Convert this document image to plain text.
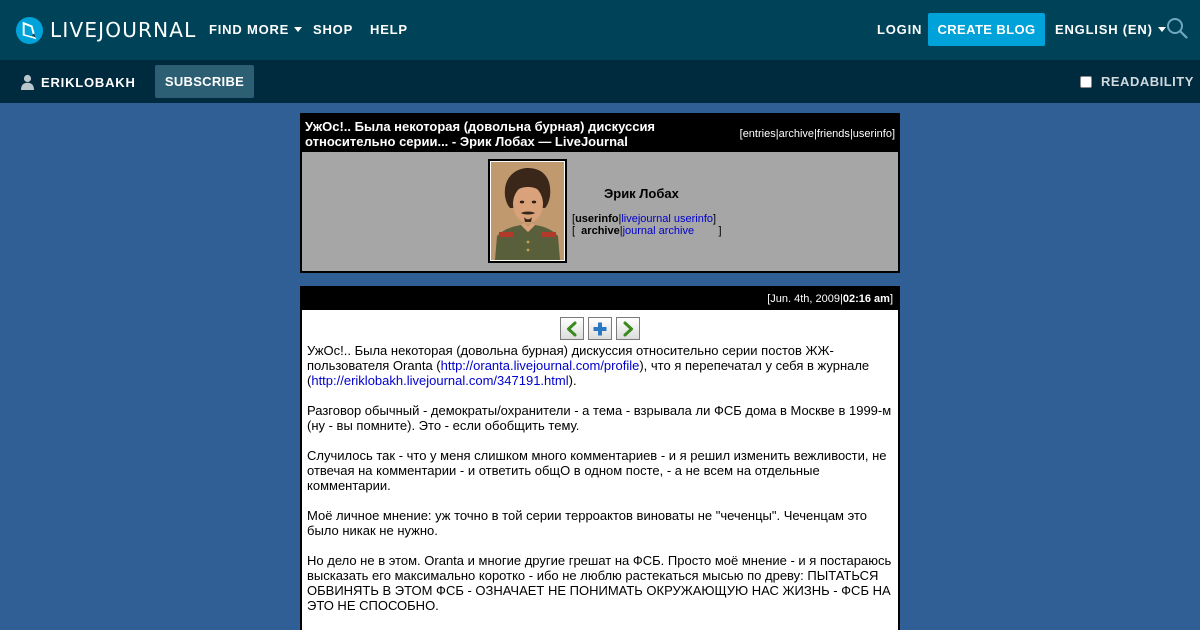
LIVEJOURNAL FIND MORE	SHOP HELP	LOGIN	CREATE BLOG	ENGLISH (EN)
ERIKLOBAKH	SUBSCRIBE	READABILITY
УжОс!.. Была некоторая (довольна бурная) дискуссия относительно серии... - Эрик Лобах — LiveJournal	[entries|archive|friends|userinfo]
Эрик Лобах
[userinfo|livejournal userinfo]
[  archive|journal archive        ]
[Jun. 4th, 2009|02:16 am]

УжОс!.. Была некоторая (довольна бурная) дискуссия относительно серии постов ЖЖ-пользователя Oranta (http://oranta.livejournal.com/profile), что я перепечатал у себя в журнале (http://eriklobakh.livejournal.com/347191.html).

Разговор обычный - демократы/охранители - а тема - взрывала ли ФСБ дома в Москве в 1999-м (ну - вы помните). Это - если обобщить тему.

Случилось так - что у меня слишком много комментариев - и я решил изменить вежливости, не отвечая на комментарии - и ответить общО в одном посте, - а не всем на отдельные комментарии.

Моё личное мнение: уж точно в той серии терроактов виноваты не "чеченцы". Чеченцам это было никак не нужно.

Но дело не в этом. Oranta и многие другие грешат на ФСБ. Просто моё мнение - и я постараюсь высказать его максимально коротко - ибо не люблю растекаться мысью по древу: ПЫТАТЬСЯ ОБВИНЯТЬ В ЭТОМ ФСБ - ОЗНАЧАЕТ НЕ ПОНИМАТЬ ОКРУЖАЮЩУЮ НАС ЖИЗНЬ - ФСБ НА ЭТО НЕ СПОСОБНО.
